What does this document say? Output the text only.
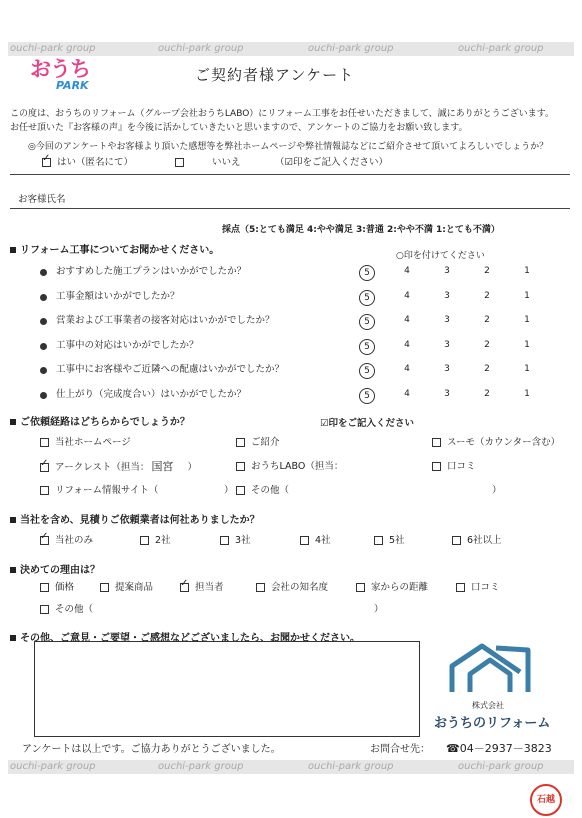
ouchi-park group	ouchi-park group	ouchi-park group	ouchi-park group
おうち
PARK
ご契約者様アンケート
この度は、おうちのリフォーム（グループ会社おうちLABO）にリフォーム工事をお任せいただきまして、誠にありがとうございます。
お任せ頂いた『お客様の声』を今後に活かしていきたいと思いますので、アンケートのご協力をお願い致します。
◎今回のアンケートやお客様より頂いた感想等を弊社ホームページや弊社情報誌などにご紹介させて頂いてよろしいでしょうか？
✓はい（匿名にて）	いいえ	（☑印をご記入ください）
お客様氏名
採点（5:とても満足 4:やや満足 3:普通 2:やや不満 1:とても不満）
リフォーム工事についてお聞かせください。	○印を付けてください
おすすめした施工プランはいかがでしたか？	5	4	3	2	1
工事金額はいかがでしたか？	5	4	3	2	1
営業および工事業者の接客対応はいかがでしたか？	5	4	3	2	1
工事中の対応はいかがでしたか？	5	4	3	2	1
工事中にお客様やご近隣への配慮はいかがでしたか？	5	4	3	2	1
仕上がり（完成度合い）はいかがでしたか？	5	4	3	2	1
ご依頼経路はどちらからでしょうか？	☑印をご記入ください
当社ホームページ	ご紹介	スーモ（カウンター含む）
✓アークレスト（担当： 国宮 ）	おうちLABO（担当：	口コミ
リフォーム情報サイト（	）	その他（	）
当社を含め、見積りご依頼業者は何社ありましたか？
✓当社のみ	2社	3社	4社	5社	6社以上
決めての理由は？
価格	提案商品
✓	担当者	会社の知名度	家からの距離	口コミ
その他（	）
その他、ご意見・ご要望・ご感想などございましたら、お聞かせください。
株式会社
おうちのリフォーム
アンケートは以上です。ご協力ありがとうございました。	お問合せ先： ☎04－2937－3823
ouchi-park group	ouchi-park group	ouchi-park group	ouchi-park group
石越
